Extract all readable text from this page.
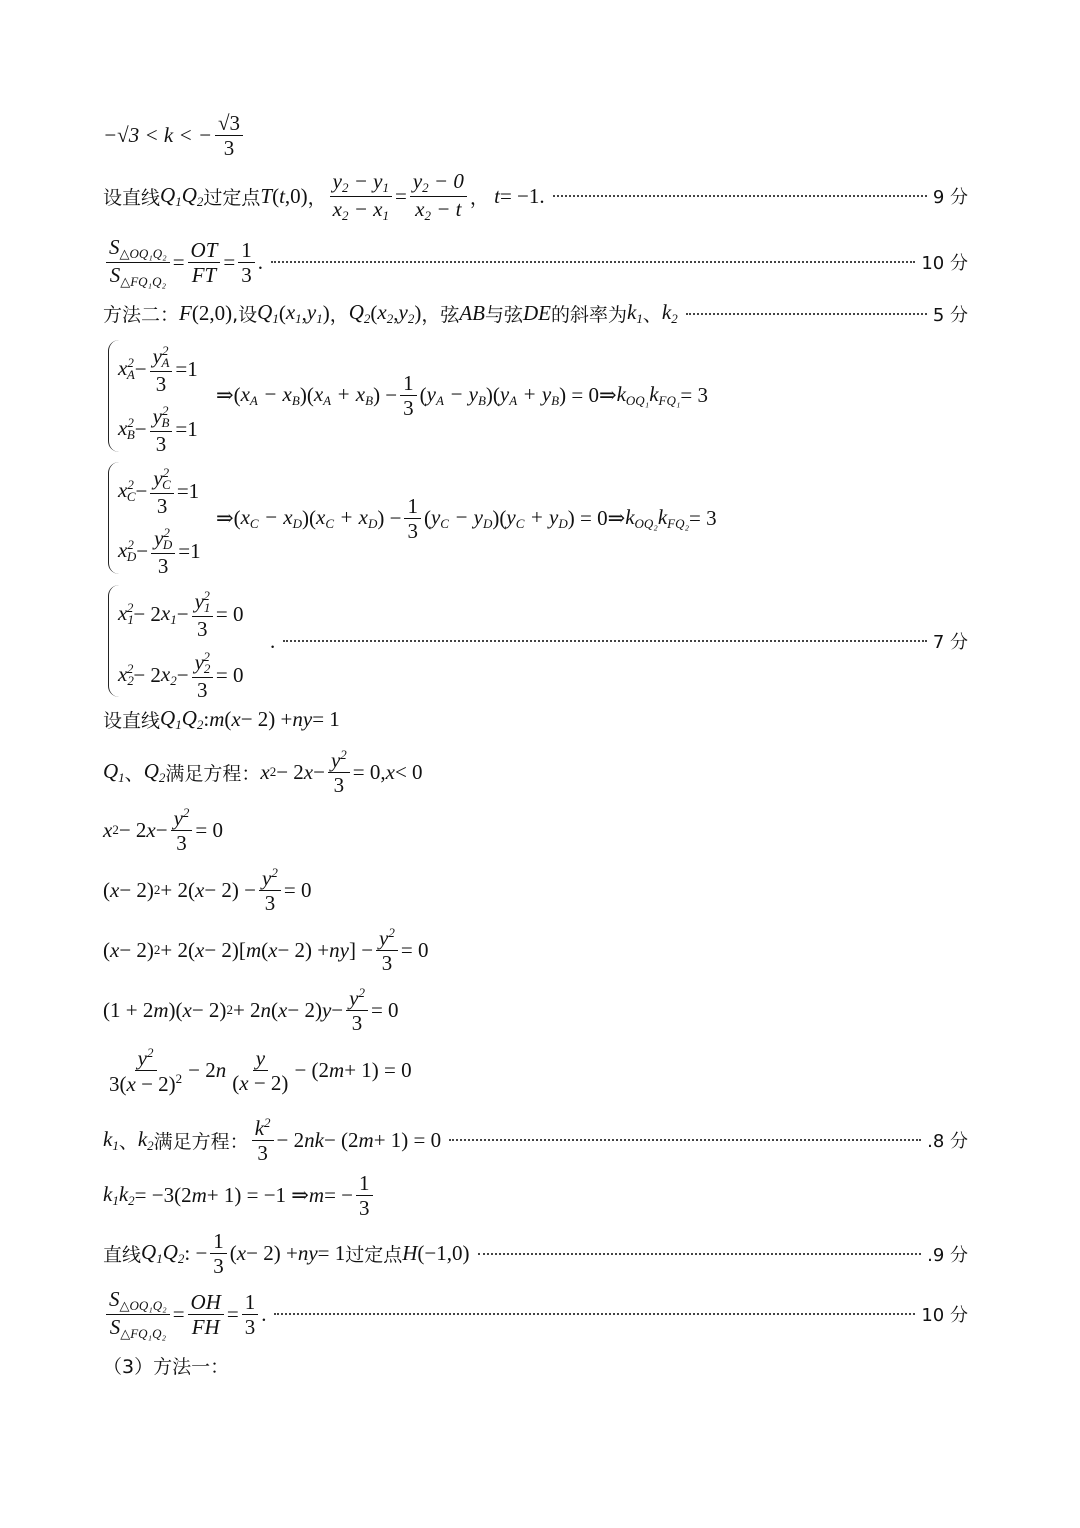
−√3 < k < − $\frac{√3}{3}$
设直线 $Q_1Q_2$ 过定点 T ( t ,0) ， $\frac{y_2 - y_1}{x_2 - x_1} = \frac{y_2 - 0}{x_2 - t}$ ，
t = −1.	9 分
$\frac{S_{\triangle OQ_1Q_2}}{S_{\triangle FQ_1Q_2}} = \frac{OT}{FT} = \frac{1}{3}$ .	10 分
方法二： F (2,0) ,设 $Q_1$ ( $x_1$ , $y_1$ ) ， $Q_2$ ( $x_2$ , $y_2$ ) ，弦 AB 与弦 DE 的斜率为 $k_1$ 、 $k_2$	5 分
$x^2_A - \frac{y^2_A}{3} =1$
$x^2_B - \frac{y^2_B}{3} =1$
⇒( $x_A - x_B$ )( $x_A + x_B$ ) − $\frac{1}{3}$ ( $y_A - y_B$ )( $y_A + y_B$ ) = 0⇒ $k_{OQ_1}k_{FQ_1} = 3$
$x^2_C - \frac{y^2_C}{3} =1$
$x^2_D - \frac{y^2_D}{3} =1$
⇒( $x_C - x_D$ )( $x_C + x_D$ ) − $\frac{1}{3}$ ( $y_C - y_D$ )( $y_C + y_D$ ) = 0⇒ $k_{OQ_2}k_{FQ_2} = 3$
$x_1^2 - 2$ $x_1 - \frac{y_1^2}{3} = 0$
$x_2^2 - 2$ $x_2 - \frac{y_2^2}{3} = 0$
.	7 分
设直线 $Q_1Q_2$ : m ( x − 2) + ny = 1
$Q_1$ 、 $Q_2$ 满足方程： x 2 − 2 $x - \frac{y^2}{3} = 0$, x < 0
x 2 − 2 $x - \frac{y^2}{3} = 0$
( x − 2) 2 + 2( $x - 2) - \frac{y^2}{3} = 0$
( x − 2) 2 + 2( x − 2)[ m ( x − 2) + ny ] − $\frac{y^2}{3} = 0$
(1 + 2 m )( x − 2) 2 + 2 n ( x − 2) $y - \frac{y^2}{3} = 0$
$\frac{y^2}{3(x - 2)^2} - 2$ n $\frac{y}{(x - 2)} - (2$ m + 1) = 0
$k_1$ 、 $k_2$ 满足方程： $\frac{k^2}{3} - 2$ nk − (2 m + 1) = 0	.8 分
$k_1k_2 = -3(2$ m + 1) = −1 ⇒ m = − $\frac{1}{3}$
直线 $Q_1Q_2$ : − $\frac{1}{3}$ ( x − 2) + ny = 1 过定点 H (−1,0)	.9 分
$\frac{S_{\triangle OQ_1Q_2}}{S_{\triangle FQ_1Q_2}} = \frac{OH}{FH} = \frac{1}{3}$ .	10 分
（3）方法一：
